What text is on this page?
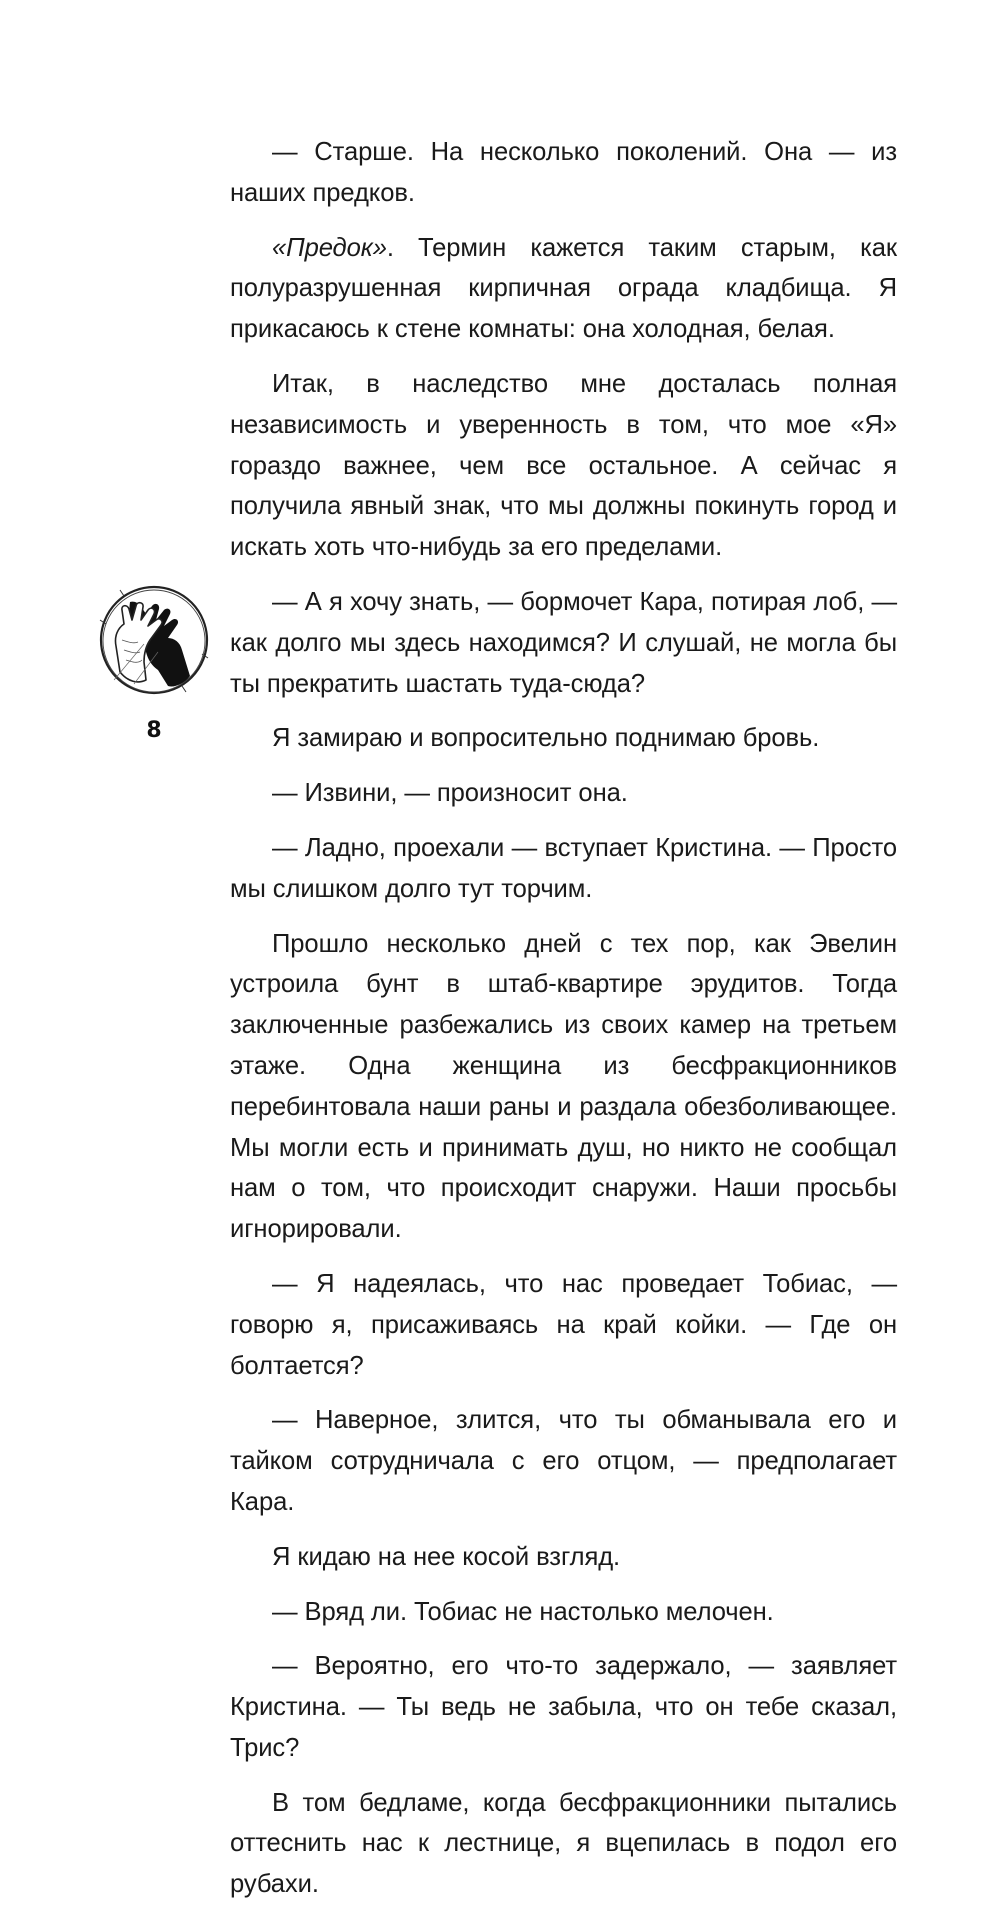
— Старше. На несколько поколений. Она — из наших предков.

«Предок». Термин кажется таким старым, как полуразрушенная кирпичная ограда кладбища. Я прикасаюсь к стене комнаты: она холодная, белая.

Итак, в наследство мне досталась полная независимость и уверенность в том, что мое «Я» гораздо важнее, чем все остальное. А сейчас я получила явный знак, что мы должны покинуть город и искать хоть что-нибудь за его пределами.

— А я хочу знать, — бормочет Кара, потирая лоб, — как долго мы здесь находимся? И слушай, не могла бы ты прекратить шастать туда-сюда?

Я замираю и вопросительно поднимаю бровь.

— Извини, — произносит она.

— Ладно, проехали — вступает Кристина. — Просто мы слишком долго тут торчим.

Прошло несколько дней с тех пор, как Эвелин устроила бунт в штаб-квартире эрудитов. Тогда заключенные разбежались из своих камер на третьем этаже. Одна женщина из бесфракционников перебинтовала наши раны и раздала обезболивающее. Мы могли есть и принимать душ, но никто не сообщал нам о том, что происходит снаружи. Наши просьбы игнорировали.

— Я надеялась, что нас проведает Тобиас, — говорю я, присаживаясь на край койки. — Где он болтается?

— Наверное, злится, что ты обманывала его и тайком сотрудничала с его отцом, — предполагает Кара.

Я кидаю на нее косой взгляд.

— Вряд ли. Тобиас не настолько мелочен.

— Вероятно, его что-то задержало, — заявляет Кристина. — Ты ведь не забыла, что он тебе сказал, Трис?

В том бедламе, когда бесфракционники пытались оттеснить нас к лестнице, я вцепилась в подол его рубахи.

8
